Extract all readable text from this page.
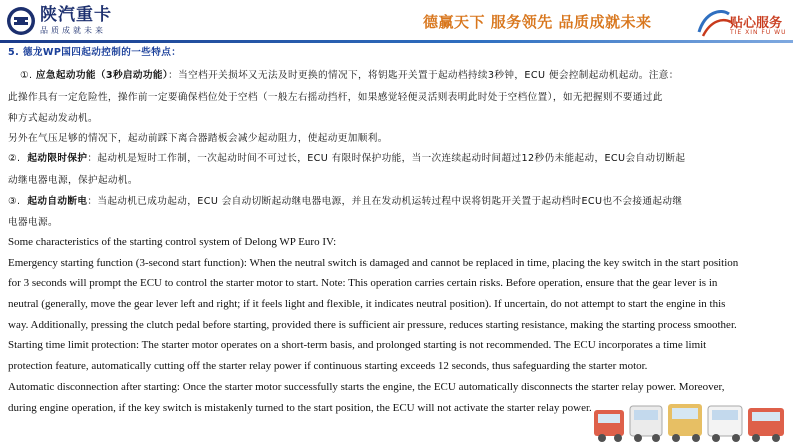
陕汽重卡
品质成就未来	德赢天下 服务领先 品质成就未来	贴心服务
TIE XIN FU WU
5. 德龙WP国四起动控制的一些特点：
①. 应急起动功能（3秒启动功能）：当空档开关损坏又无法及时更换的情况下，将钥匙开关置于起动档持续3秒钟，ECU 便会控制起动机起动。注意：
此操作具有一定危险性，操作前一定要确保档位处于空档（一般左右摇动挡杆，如果感觉轻便灵活则表明此时处于空档位置），如无把握则不要通过此
种方式起动发动机。
另外在气压足够的情况下，起动前踩下离合器踏板会减少起动阻力，使起动更加顺利。
②. 起动限时保护：起动机是短时工作制，一次起动时间不可过长，ECU 有限时保护功能，当一次连续起动时间超过12秒仍未能起动，ECU会自动切断起
动继电器电源，保护起动机。
③. 起动自动断电：当起动机已成功起动，ECU 会自动切断起动继电器电源，并且在发动机运转过程中误将钥匙开关置于起动档时ECU也不会接通起动继
电器电源。
Some characteristics of the starting control system of Delong WP Euro IV:
Emergency starting function (3-second start function): When the neutral switch is damaged and cannot be replaced in time, placing the key switch in the start position
for 3 seconds will prompt the ECU to control the starter motor to start. Note: This operation carries certain risks. Before operation, ensure that the gear lever is in
neutral (generally, move the gear lever left and right; if it feels light and flexible, it indicates neutral position). If uncertain, do not attempt to start the engine in this
way. Additionally, pressing the clutch pedal before starting, provided there is sufficient air pressure, reduces starting resistance, making the starting process smoother.
Starting time limit protection: The starter motor operates on a short-term basis, and prolonged starting is not recommended. The ECU incorporates a time limit
protection feature, automatically cutting off the starter relay power if continuous starting exceeds 12 seconds, thus safeguarding the starter motor.
Automatic disconnection after starting: Once the starter motor successfully starts the engine, the ECU automatically disconnects the starter relay power. Moreover,
during engine operation, if the key switch is mistakenly turned to the start position, the ECU will not activate the starter relay power.
